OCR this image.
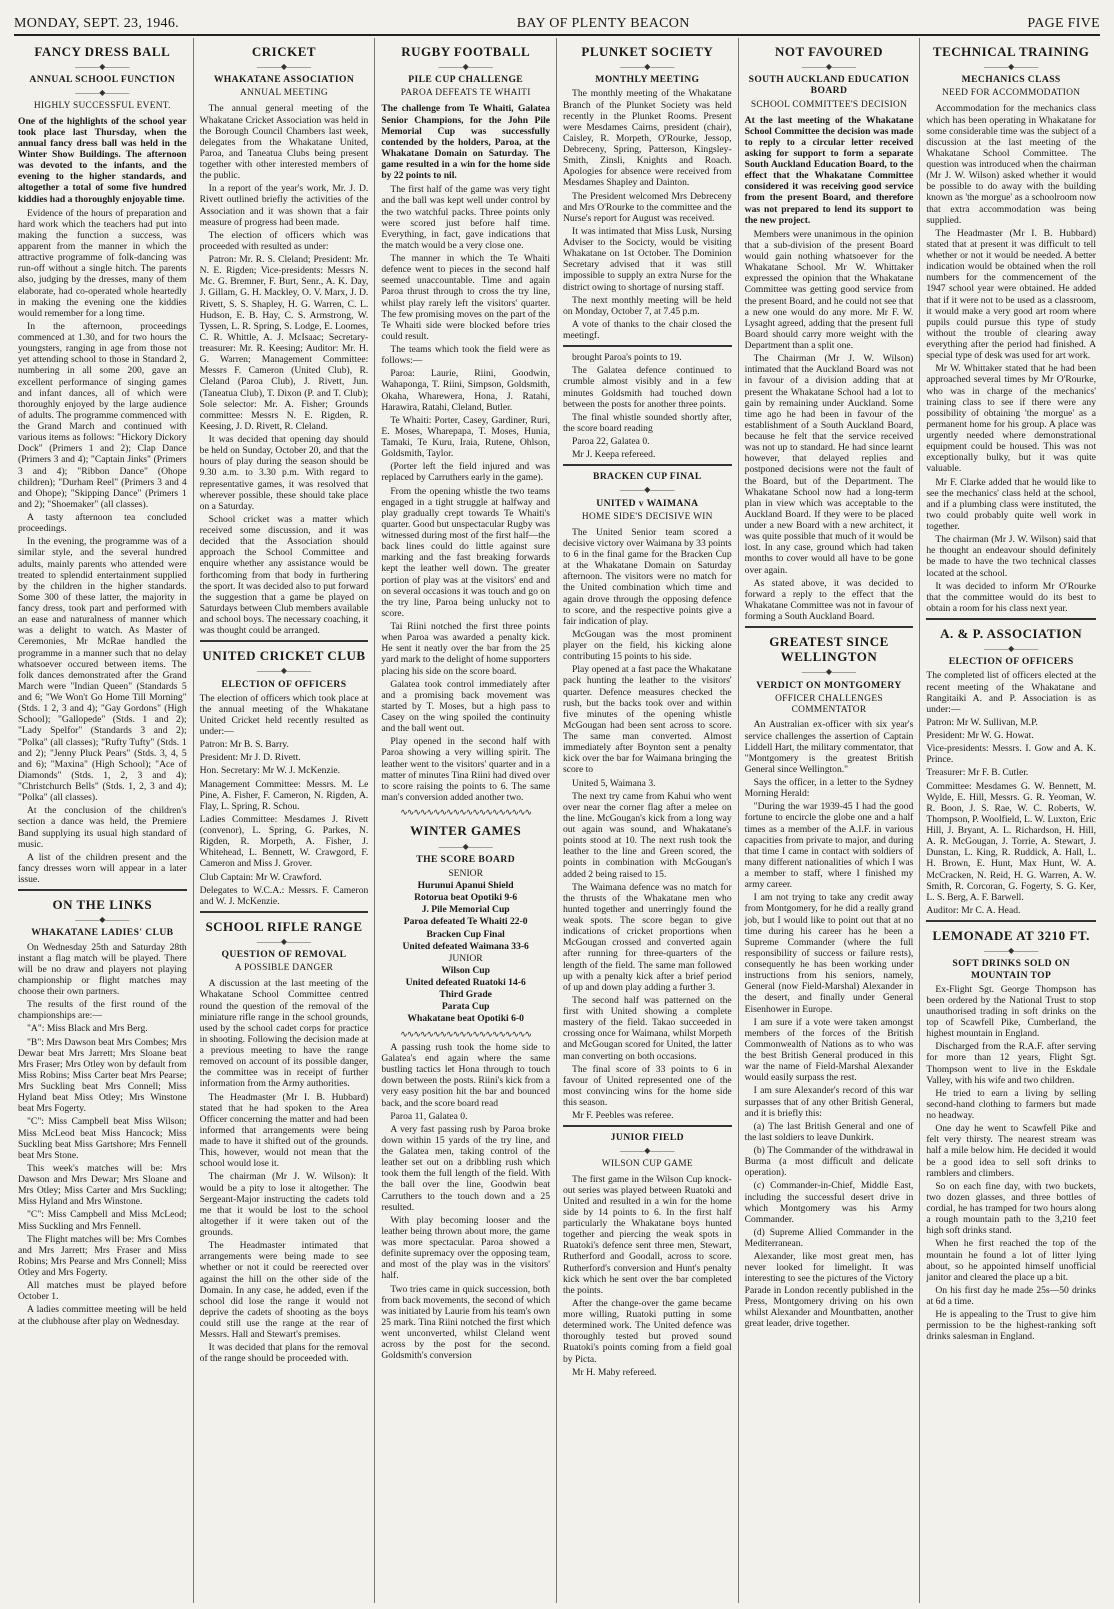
MONDAY, SEPT. 23, 1946.	BAY OF PLENTY BEACON	PAGE FIVE
FANCY DRESS BALL
———◆———
ANNUAL SCHOOL FUNCTION
———◆———
HIGHLY SUCCESSFUL EVENT.
One of the highlights of the school year took place last Thursday, when the annual fancy dress ball was held in the Winter Show Buildings. The afternoon was devoted to the infants, and the evening to the higher standards, and altogether a total of some five hundred kiddies had a thoroughly enjoyable time.

Evidence of the hours of preparation and hard work which the teachers had put into making the function a success, was apparent from the manner in which the attractive programme of folk-dancing was run-off without a single hitch. The parents also, judging by the dresses, many of them elaborate, had co-operated whole heartedly in making the evening one the kiddies would remember for a long time.

In the afternoon, proceedings commenced at 1.30, and for two hours the youngsters, ranging in age from those not yet attending school to those in Standard 2, numbering in all some 200, gave an excellent performance of singing games and infant dances, all of which were thoroughly enjoyed by the large audience of adults. The programme commenced with the Grand March and continued with various items as follows: "Hickory Dickory Dock" (Primers 1 and 2); Clap Dance (Primers 3 and 4); "Captain Jinks" (Primers 3 and 4); "Ribbon Dance" (Ohope children); "Durham Reel" (Primers 3 and 4 and Ohope); "Skipping Dance" (Primers 1 and 2); "Shoemaker" (all classes).

A tasty afternoon tea concluded proceedings.

In the evening, the programme was of a similar style, and the several hundred adults, mainly parents who attended were treated to splendid entertainment supplied by the children in the higher standards. Some 300 of these latter, the majority in fancy dress, took part and performed with an ease and naturalness of manner which was a delight to watch. As Master of Ceremonies, Mr McRae handled the programme in a manner such that no delay whatsoever occured between items. The folk dances demonstrated after the Grand March were "Indian Queen" (Standards 5 and 6; "We Won't Go Home Till Morning" (Stds. 1 2, 3 and 4); "Gay Gordons" (High School); "Gallopede" (Stds. 1 and 2); "Lady Spelfor" (Standards 3 and 2); "Polka" (all classes); "Rufty Tufty" (Stds. 1 and 2); "Jenny Pluck Pears" (Stds. 3, 4, 5 and 6); "Maxina" (High School); "Ace of Diamonds" (Stds. 1, 2, 3 and 4); "Christchurch Bells" (Stds. 1, 2, 3 and 4); "Polka" (all classes).

At the conclusion of the children's section a dance was held, the Premiere Band supplying its usual high standard of music.

A list of the children present and the fancy dresses worn will appear in a later issue.

ON THE LINKS
———◆———
WHAKATANE LADIES' CLUB

On Wednesday 25th and Saturday 28th instant a flag match will be played. There will be no draw and players not playing championship or flight matches may choose their own partners.

The results of the first round of the championships are:—

"A": Miss Black and Mrs Berg.

"B": Mrs Dawson beat Mrs Combes; Mrs Dewar beat Mrs Jarrett; Mrs Sloane beat Mrs Fraser; Mrs Otley won by default from Miss Robins; Miss Carter beat Mrs Pearse; Mrs Suckling beat Mrs Connell; Miss Hyland beat Miss Otley; Mrs Winstone beat Mrs Fogerty.

"C": Miss Campbell beat Miss Wilson; Miss McLeod beat Miss Hancock; Miss Suckling beat Miss Gartshore; Mrs Fennell beat Mrs Stone.

This week's matches will be: Mrs Dawson and Mrs Dewar; Mrs Sloane and Mrs Otley; Miss Carter and Mrs Suckling; Miss Hyland and Mrs Winstone.

"C": Miss Campbell and Miss McLeod; Miss Suckling and Mrs Fennell.

The Flight matches will be: Mrs Combes and Mrs Jarrett; Mrs Fraser and Miss Robins; Mrs Pearse and Mrs Connell; Miss Otley and Mrs Fogerty.

All matches must be played before October 1.

A ladies committee meeting will be held at the clubhouse after play on Wednesday.

CRICKET
———◆———
WHAKATANE ASSOCIATION
ANNUAL MEETING

The annual general meeting of the Whakatane Cricket Association was held in the Borough Council Chambers last week, delegates from the Whakatane United, Paroa, and Taneatua Clubs being present together with other interested members of the public.

In a report of the year's work, Mr. J. D. Rivett outlined briefly the activities of the Association and it was shown that a fair measure of progress had been made.

The election of officers which was proceeded with resulted as under:

Patron: Mr. R. S. Cleland; President: Mr. N. E. Rigden; Vice-presidents: Messrs N. Mc. G. Bremner, F. Burt, Senr., A. K. Day, J. Gillam, G. H. Mackley, O. V. Marx, J. D. Rivett, S. S. Shapley, H. G. Warren, C. L. Hudson, E. B. Hay, C. S. Armstrong, W. Tyssen, L. R. Spring, S. Lodge, E. Loomes, C. R. Whittle, A. J. McIsaac; Secretary-treasurer: Mr. R. Keesing; Auditor: Mr. H. G. Warren; Management Committee: Messrs F. Cameron (United Club), R. Cleland (Paroa Club), J. Rivett, Jun. (Taneatua Club), T. Dixon (P. and T. Club); Sole selector: Mr. A. Fisher; Grounds committee: Messrs N. E. Rigden, R. Keesing, J. D. Rivett, R. Cleland.

It was decided that opening day should be held on Sunday, October 20, and that the hours of play during the season should be 9.30 a.m. to 3.30 p.m. With regard to representative games, it was resolved that wherever possible, these should take place on a Saturday.

School cricket was a matter which received some discussion, and it was decided that the Association should approach the School Committee and enquire whether any assistance would be forthcoming from that body in furthering the sport. It was decided also to put forward the suggestion that a game be played on Saturdays between Club members available and school boys. The necessary coaching, it was thought could be arranged.

UNITED CRICKET CLUB
———◆———
ELECTION OF OFFICERS

The election of officers which took place at the annual meeting of the Whakatane United Cricket held recently resulted as under:—

Patron: Mr B. S. Barry.

President: Mr J. D. Rivett.

Hon. Secretary: Mr W. J. McKenzie.

Management Committee: Messrs. M. Le Pine, A. Fisher, F. Cameron, N. Rigden, A. Flay, L. Spring, R. Schou.

Ladies Committee: Mesdames J. Rivett (convenor), L. Spring, G. Parkes, N. Rigden, R. Morpeth, A. Fisher, J. Whitehead, L. Bennett, W. Crawgord, F. Cameron and Miss J. Grover.

Club Captain: Mr W. Crawford.

Delegates to W.C.A.: Messrs. F. Cameron and W. J. McKenzie.

SCHOOL RIFLE RANGE
———◆———
QUESTION OF REMOVAL
A POSSIBLE DANGER

A discussion at the last meeting of the Whakatane School Committee centred round the question of the removal of the miniature rifle range in the school grounds, used by the school cadet corps for practice in shooting. Following the decision made at a previous meeting to have the range removed on account of its possible danger, the committee was in receipt of further information from the Army authorities.

The Headmaster (Mr I. B. Hubbard) stated that he had spoken to the Area Officer concerning the matter and had been informed that arrangements were being made to have it shifted out of the grounds. This, however, would not mean that the school would lose it.

The chairman (Mr J. W. Wilson): It would be a pity to lose it altogether. The Sergeant-Major instructing the cadets told me that it would be lost to the school altogether if it were taken out of the grounds.

The Headmaster intimated that arrangements were being made to see whether or not it could be reerected over against the hill on the other side of the Domain. In any case, he added, even if the school did lose the range it would not deprive the cadets of shooting as the boys could still use the range at the rear of Messrs. Hall and Stewart's premises.

It was decided that plans for the removal of the range should be proceeded with.

RUGBY FOOTBALL
———◆———
PILE CUP CHALLENGE
PAROA DEFEATS TE WHAITI
The challenge from Te Whaiti, Galatea Senior Champions, for the John Pile Memorial Cup was successfully contended by the holders, Paroa, at the Whakatane Domain on Saturday. The game resulted in a win for the home side by 22 points to nil.

The first half of the game was very tight and the ball was kept well under control by the two watchful packs. Three points only were scored just before half time. Everything, in fact, gave indications that the match would be a very close one.

The manner in which the Te Whaiti defence went to pieces in the second half seemed unaccountable. Time and again Paroa thrust through to cross the try line, whilst play rarely left the visitors' quarter. The few promising moves on the part of the Te Whaiti side were blocked before tries could result.

The teams which took the field were as follows:—

Paroa: Laurie, Riini, Goodwin, Wahaponga, T. Riini, Simpson, Goldsmith, Okaha, Wharewera, Hona, J. Ratahi, Harawira, Ratahi, Cleland, Butler.

Te Whaiti: Porter, Casey, Gardiner, Ruri, E. Moses, Wharepapa, T. Moses, Hunia, Tamaki, Te Kuru, Iraia, Rutene, Ohlson, Goldsmith, Taylor.

(Porter left the field injured and was replaced by Carruthers early in the game).

From the opening whistle the two teams engaged in a tight struggle at halfway and play gradually crept towards Te Whaiti's quarter. Good but unspectacular Rugby was witnessed during most of the first half—the back lines could do little against sure marking and the fast breaking forwards kept the leather well down. The greater portion of play was at the visitors' end and on several occasions it was touch and go on the try line, Paroa being unlucky not to score.

Tai Riini notched the first three points when Paroa was awarded a penalty kick. He sent it neatly over the bar from the 25 yard mark to the delight of home supporters placing his side on the score board.

Galatea took control immediately after and a promising back movement was started by T. Moses, but a high pass to Casey on the wing spoiled the continuity and the ball went out.

Play opened in the second half with Paroa showing a very willing spirit. The leather went to the visitors' quarter and in a matter of minutes Tina Riini had dived over to score raising the points to 6. The same man's conversion added another two.

∿∿∿∿∿∿∿∿∿∿∿∿∿∿∿∿∿∿∿∿
WINTER GAMES
———◆———
THE SCORE BOARD

SENIOR

Hurunui Apanui Shield

Rotorua beat Opotiki 9-6

J. Pile Memorial Cup

Paroa defeated Te Whaiti 22-0

Bracken Cup Final

United defeated Waimana 33-6

JUNIOR

Wilson Cup

United defeated Ruatoki 14-6

Third Grade

Parata Cup

Whakatane beat Opotiki 6-0

∿∿∿∿∿∿∿∿∿∿∿∿∿∿∿∿∿∿∿∿

A passing rush took the home side to Galatea's end again where the same bustling tactics let Hona through to touch down between the posts. Riini's kick from a very easy position hit the bar and bounced back, and the score board read

Paroa 11, Galatea 0.

A very fast passing rush by Paroa broke down within 15 yards of the try line, and the Galatea men, taking control of the leather set out on a dribbling rush which took them the full length of the field. With the ball over the line, Goodwin beat Carruthers to the touch down and a 25 resulted.

With play becoming looser and the leather being thrown about more, the game was more spectacular. Paroa showed a definite supremacy over the opposing team, and most of the play was in the visitors' half.

Two tries came in quick succession, both from back movements, the second of which was initiated by Laurie from his team's own 25 mark. Tina Riini notched the first which went unconverted, whilst Cleland went across by the post for the second. Goldsmith's conversion

PLUNKET SOCIETY
———◆———
MONTHLY MEETING

The monthly meeting of the Whakatane Branch of the Plunket Society was held recently in the Plunket Rooms. Present were Mesdames Cairns, president (chair), Caisley, R. Morpeth, O'Rourke, Jessop, Debreceny, Spring, Patterson, Kingsley-Smith, Zinsli, Knights and Roach. Apologies for absence were received from Mesdames Shapley and Dainton.

The President welcomed Mrs Debreceny and Mrs O'Rourke to the committee and the Nurse's report for August was received.

It was intimated that Miss Lusk, Nursing Adviser to the Socicty, would be visiting Whakatane on 1st October. The Dominion Secretary advised that it was still impossible to supply an extra Nurse for the district owing to shortage of nursing staff.

The next monthly meeting will be held on Monday, October 7, at 7.45 p.m.

A vote of thanks to the chair closed the meetingf.

brought Paroa's points to 19.

The Galatea defence continued to crumble almost visibly and in a few minutes Goldsmith had touched down between the posts for another three points.

The final whistle sounded shortly after, the score board reading

Paroa 22, Galatea 0.

Mr J. Keepa refereed.

BRACKEN CUP FINAL
———◆———
UNITED v WAIMANA
HOME SIDE'S DECISIVE WIN

The United Senior team scored a decisive victory over Waimana by 33 points to 6 in the final game for the Bracken Cup at the Whakatane Domain on Saturday afternoon. The visitors were no match for the United combination which time and again drove through the opposing defence to score, and the respective points give a fair indication of play.

McGougan was the most prominent player on the field, his kicking alone contributing 15 points to his side.

Play opened at a fast pace the Whakatane pack hunting the leather to the visitors' quarter. Defence measures checked the rush, but the backs took over and within five minutes of the opening whistle McGougan had been sent across to score. The same man converted. Almost immediately after Boynton sent a penalty kick over the bar for Waimana bringing the score to

United 5, Waimana 3.

The next try came from Kahui who went over near the corner flag after a melee on the line. McGougan's kick from a long way out again was sound, and Whakatane's points stood at 10. The next rush took the leather to the line and Green scored, the points in combination with McGougan's added 2 being raised to 15.

The Waimana defence was no match for the thrusts of the Whakatane men who hunted together and unerringly found the weak spots. The score began to give indications of cricket proportions when McGougan crossed and converted again after running for three-quarters of the length of the field. The same man followed up with a penalty kick after a brief period of up and down play adding a further 3.

The second half was patterned on the first with United showing a complete mastery of the field. Takao succeeded in crossing once for Waimana, whilst Morpeth and McGougan scored for United, the latter man converting on both occasions.

The final score of 33 points to 6 in favour of United represented one of the most convincing wins for the home side this season.

Mr F. Peebles was referee.

JUNIOR FIELD
———◆———
WILSON CUP GAME

The first game in the Wilson Cup knock-out series was played between Ruatoki and United and resulted in a win for the home side by 14 points to 6. In the first half particularly the Whakatane boys hunted together and piercing the weak spots in Ruatoki's defence sent three men, Stewart, Rutherford and Goodall, across to score. Rutherford's conversion and Hunt's penalty kick which he sent over the bar completed the points.

After the change-over the game became more willing, Ruatoki putting in some determined work. The United defence was thoroughly tested but proved sound Ruatoki's points coming from a field goal by Picta.

Mr H. Maby refereed.

NOT FAVOURED
———◆———
SOUTH AUCKLAND EDUCATION BOARD
SCHOOL COMMITTEE'S DECISION
At the last meeting of the Whakatane School Committee the decision was made to reply to a circular letter received asking for support to form a separate South Auckland Education Board, to the effect that the Whakatane Committee considered it was receiving good service from the present Board, and therefore was not prepared to lend its support to the new project.

Members were unanimous in the opinion that a sub-division of the present Board would gain nothing whatsoever for the Whakatane School. Mr W. Whittaker expressed the opinion that the Whakatane Committee was getting good service from the present Board, and he could not see that a new one would do any more. Mr F. W. Lysaght agreed, adding that the present full Board should carry more weight with the Department than a split one.

The Chairman (Mr J. W. Wilson) intimated that the Auckland Board was not in favour of a division adding that at present the Whakatane School had a lot to gain by remaining under Auckland. Some time ago he had been in favour of the establishment of a South Auckland Board, because he felt that the service received was not up to standard. He had since learnt however, that delayed replies and postponed decisions were not the fault of the Board, but of the Department. The Whakatane School now had a long-term plan in view which was acceptable to the Auckland Board. If they were to be placed under a new Board with a new architect, it was quite possible that much of it would be lost. In any case, ground which had taken months to cover would all have to be gone over again.

As stated above, it was decided to forward a reply to the effect that the Whakatane Committee was not in favour of forming a South Auckland Board.

GREATEST SINCE WELLINGTON
———◆———
VERDICT ON MONTGOMERY
OFFICER CHALLENGES COMMENTATOR

An Australian ex-officer with six year's service challenges the assertion of Captain Liddell Hart, the military commentator, that "Montgomery is the greatest British General since Wellington."

Says the officer, in a letter to the Sydney Morning Herald:

"During the war 1939-45 I had the good fortune to encircle the globe one and a half times as a member of the A.I.F. in various capacities from private to major, and during that time I came in contact with soldiers of many different nationalities of which I was a member to staff, where I finished my army career.

I am not trying to take any credit away from Montgomery, for he did a really grand job, but I would like to point out that at no time during his career has he been a Supreme Commander (where the full responsibility of success or failure rests), consequently he has been working under instructions from his seniors, namely, General (now Field-Marshal) Alexander in the desert, and finally under General Eisenhower in Europe.

I am sure if a vote were taken amongst members of the forces of the British Commonwealth of Nations as to who was the best British General produced in this war the name of Field-Marshal Alexander would easily surpass the rest.

I am sure Alexander's record of this war surpasses that of any other British General, and it is briefly this:

(a) The last British General and one of the last soldiers to leave Dunkirk.

(b) The Commander of the withdrawal in Burma (a most difficult and delicate operation).

(c) Commander-in-Chief, Middle East, including the successful desert drive in which Montgomery was his Army Commander.

(d) Supreme Allied Commander in the Mediterranean.

Alexander, like most great men, has never looked for limelight. It was interesting to see the pictures of the Victory Parade in London recently published in the Press, Montgomery driving on his own whilst Alexander and Mountbatten, another great leader, drive together.

TECHNICAL TRAINING
———◆———
MECHANICS CLASS
NEED FOR ACCOMMODATION

Accommodation for the mechanics class which has been operating in Whakatane for some considerable time was the subject of a discussion at the last meeting of the Whakatane School Committee. The question was introduced when the chairman (Mr J. W. Wilson) asked whether it would be possible to do away with the building known as 'the morgue' as a schoolroom now that extra accommodation was being supplied.

The Headmaster (Mr I. B. Hubbard) stated that at present it was difficult to tell whether or not it would be needed. A better indication would be obtained when the roll numbers for the commencement of the 1947 school year were obtained. He added that if it were not to be used as a classroom, it would make a very good art room where pupils could pursue this type of study without the trouble of clearing away everything after the period had finished. A special type of desk was used for art work.

Mr W. Whittaker stated that he had been approached several times by Mr O'Rourke, who was in charge of the mechanics' training class to see if there were any possibility of obtaining 'the morgue' as a permanent home for his group. A place was urgently needed where demonstrational equipment could be housed. This was not exceptionally bulky, but it was quite valuable.

Mr F. Clarke added that he would like to see the mechanics' class held at the school, and if a plumbing class were instituted, the two could probably quite well work in together.

The chairman (Mr J. W. Wilson) said that he thought an endeavour should definitely be made to have the two technical classes located at the school.

It was decided to inform Mr O'Rourke that the committee would do its best to obtain a room for his class next year.

A. & P. ASSOCIATION
———◆———
ELECTION OF OFFICERS

The completed list of officers elected at the recent meeting of the Whakatane and Rangitaiki A. and P. Association is as under:—

Patron: Mr W. Sullivan, M.P.

President: Mr W. G. Howat.

Vice-presidents: Messrs. I. Gow and A. K. Prince.

Treasurer: Mr F. B. Cutler.

Committee: Mesdames G. W. Bennett, M. Wylde, E. Hill, Messrs. G. R. Yeoman, W. R. Boon, J. S. Rae, W. C. Roberts, W. Thompson, P. Woolfield, L. W. Luxton, Eric Hill, J. Bryant, A. L. Richardson, H. Hill, A. R. McGougan, J. Torrie, A. Stewart, J. Dunstan, L. King, R. Ruddick, A. Hall, L. H. Brown, E. Hunt, Max Hunt, W. A. McCracken, N. Reid, H. G. Warren, A. W. Smith, R. Corcoran, G. Fogerty, S. G. Ker, L. S. Berg, A. F. Barwell.

Auditor: Mr C. A. Head.

LEMONADE AT 3210 FT.
———◆———
SOFT DRINKS SOLD ON MOUNTAIN TOP

Ex-Flight Sgt. George Thompson has been ordered by the National Trust to stop unauthorised trading in soft drinks on the top of Scawfell Pike, Cumberland, the highest mountain in England.

Discharged from the R.A.F. after serving for more than 12 years, Flight Sgt. Thompson went to live in the Eskdale Valley, with his wife and two children.

He tried to earn a living by selling second-hand clothing to farmers but made no headway.

One day he went to Scawfell Pike and felt very thirsty. The nearest stream was half a mile below him. He decided it would be a good idea to sell soft drinks to ramblers and climbers.

So on each fine day, with two buckets, two dozen glasses, and three bottles of cordial, he has tramped for two hours along a rough mountain path to the 3,210 feet high soft drinks stand.

When he first reached the top of the mountain he found a lot of litter lying about, so he appointed himself unofficial janitor and cleared the place up a bit.

On his first day he made 25s—50 drinks at 6d a time.

He is appealing to the Trust to give him permission to be the highest-ranking soft drinks salesman in England.
